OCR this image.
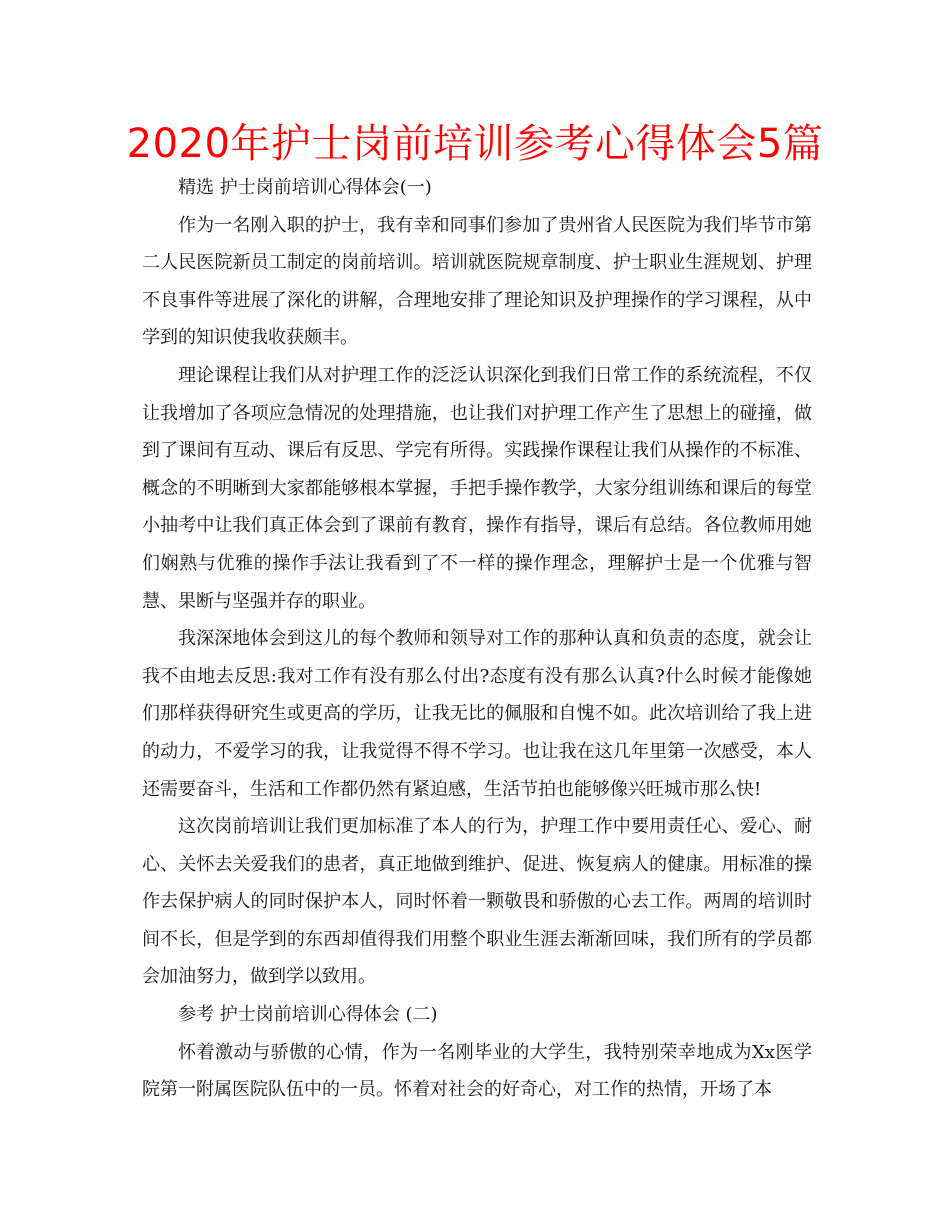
2020年护士岗前培训参考心得体会5篇

精选 护士岗前培训心得体会(一)

作为一名刚入职的护士，我有幸和同事们参加了贵州省人民医院为我们毕节市第二人民医院新员工制定的岗前培训。培训就医院规章制度、护士职业生涯规划、护理不良事件等进展了深化的讲解，合理地安排了理论知识及护理操作的学习课程，从中学到的知识使我收获颇丰。

理论课程让我们从对护理工作的泛泛认识深化到我们日常工作的系统流程，不仅让我增加了各项应急情况的处理措施，也让我们对护理工作产生了思想上的碰撞，做到了课间有互动、课后有反思、学完有所得。实践操作课程让我们从操作的不标准、概念的不明晰到大家都能够根本掌握，手把手操作教学，大家分组训练和课后的每堂小抽考中让我们真正体会到了课前有教育，操作有指导，课后有总结。各位教师用她们娴熟与优雅的操作手法让我看到了不一样的操作理念，理解护士是一个优雅与智慧、果断与坚强并存的职业。

我深深地体会到这儿的每个教师和领导对工作的那种认真和负责的态度，就会让我不由地去反思:我对工作有没有那么付出?态度有没有那么认真?什么时候才能像她们那样获得研究生或更高的学历，让我无比的佩服和自愧不如。此次培训给了我上进的动力，不爱学习的我，让我觉得不得不学习。也让我在这几年里第一次感受，本人还需要奋斗，生活和工作都仍然有紧迫感，生活节拍也能够像兴旺城市那么快!

这次岗前培训让我们更加标准了本人的行为，护理工作中要用责任心、爱心、耐心、关怀去关爱我们的患者，真正地做到维护、促进、恢复病人的健康。用标准的操作去保护病人的同时保护本人，同时怀着一颗敬畏和骄傲的心去工作。两周的培训时间不长，但是学到的东西却值得我们用整个职业生涯去渐渐回味，我们所有的学员都会加油努力，做到学以致用。

参考 护士岗前培训心得体会 (二)

怀着激动与骄傲的心情，作为一名刚毕业的大学生，我特别荣幸地成为Xx医学院第一附属医院队伍中的一员。怀着对社会的好奇心，对工作的热情，开场了本
